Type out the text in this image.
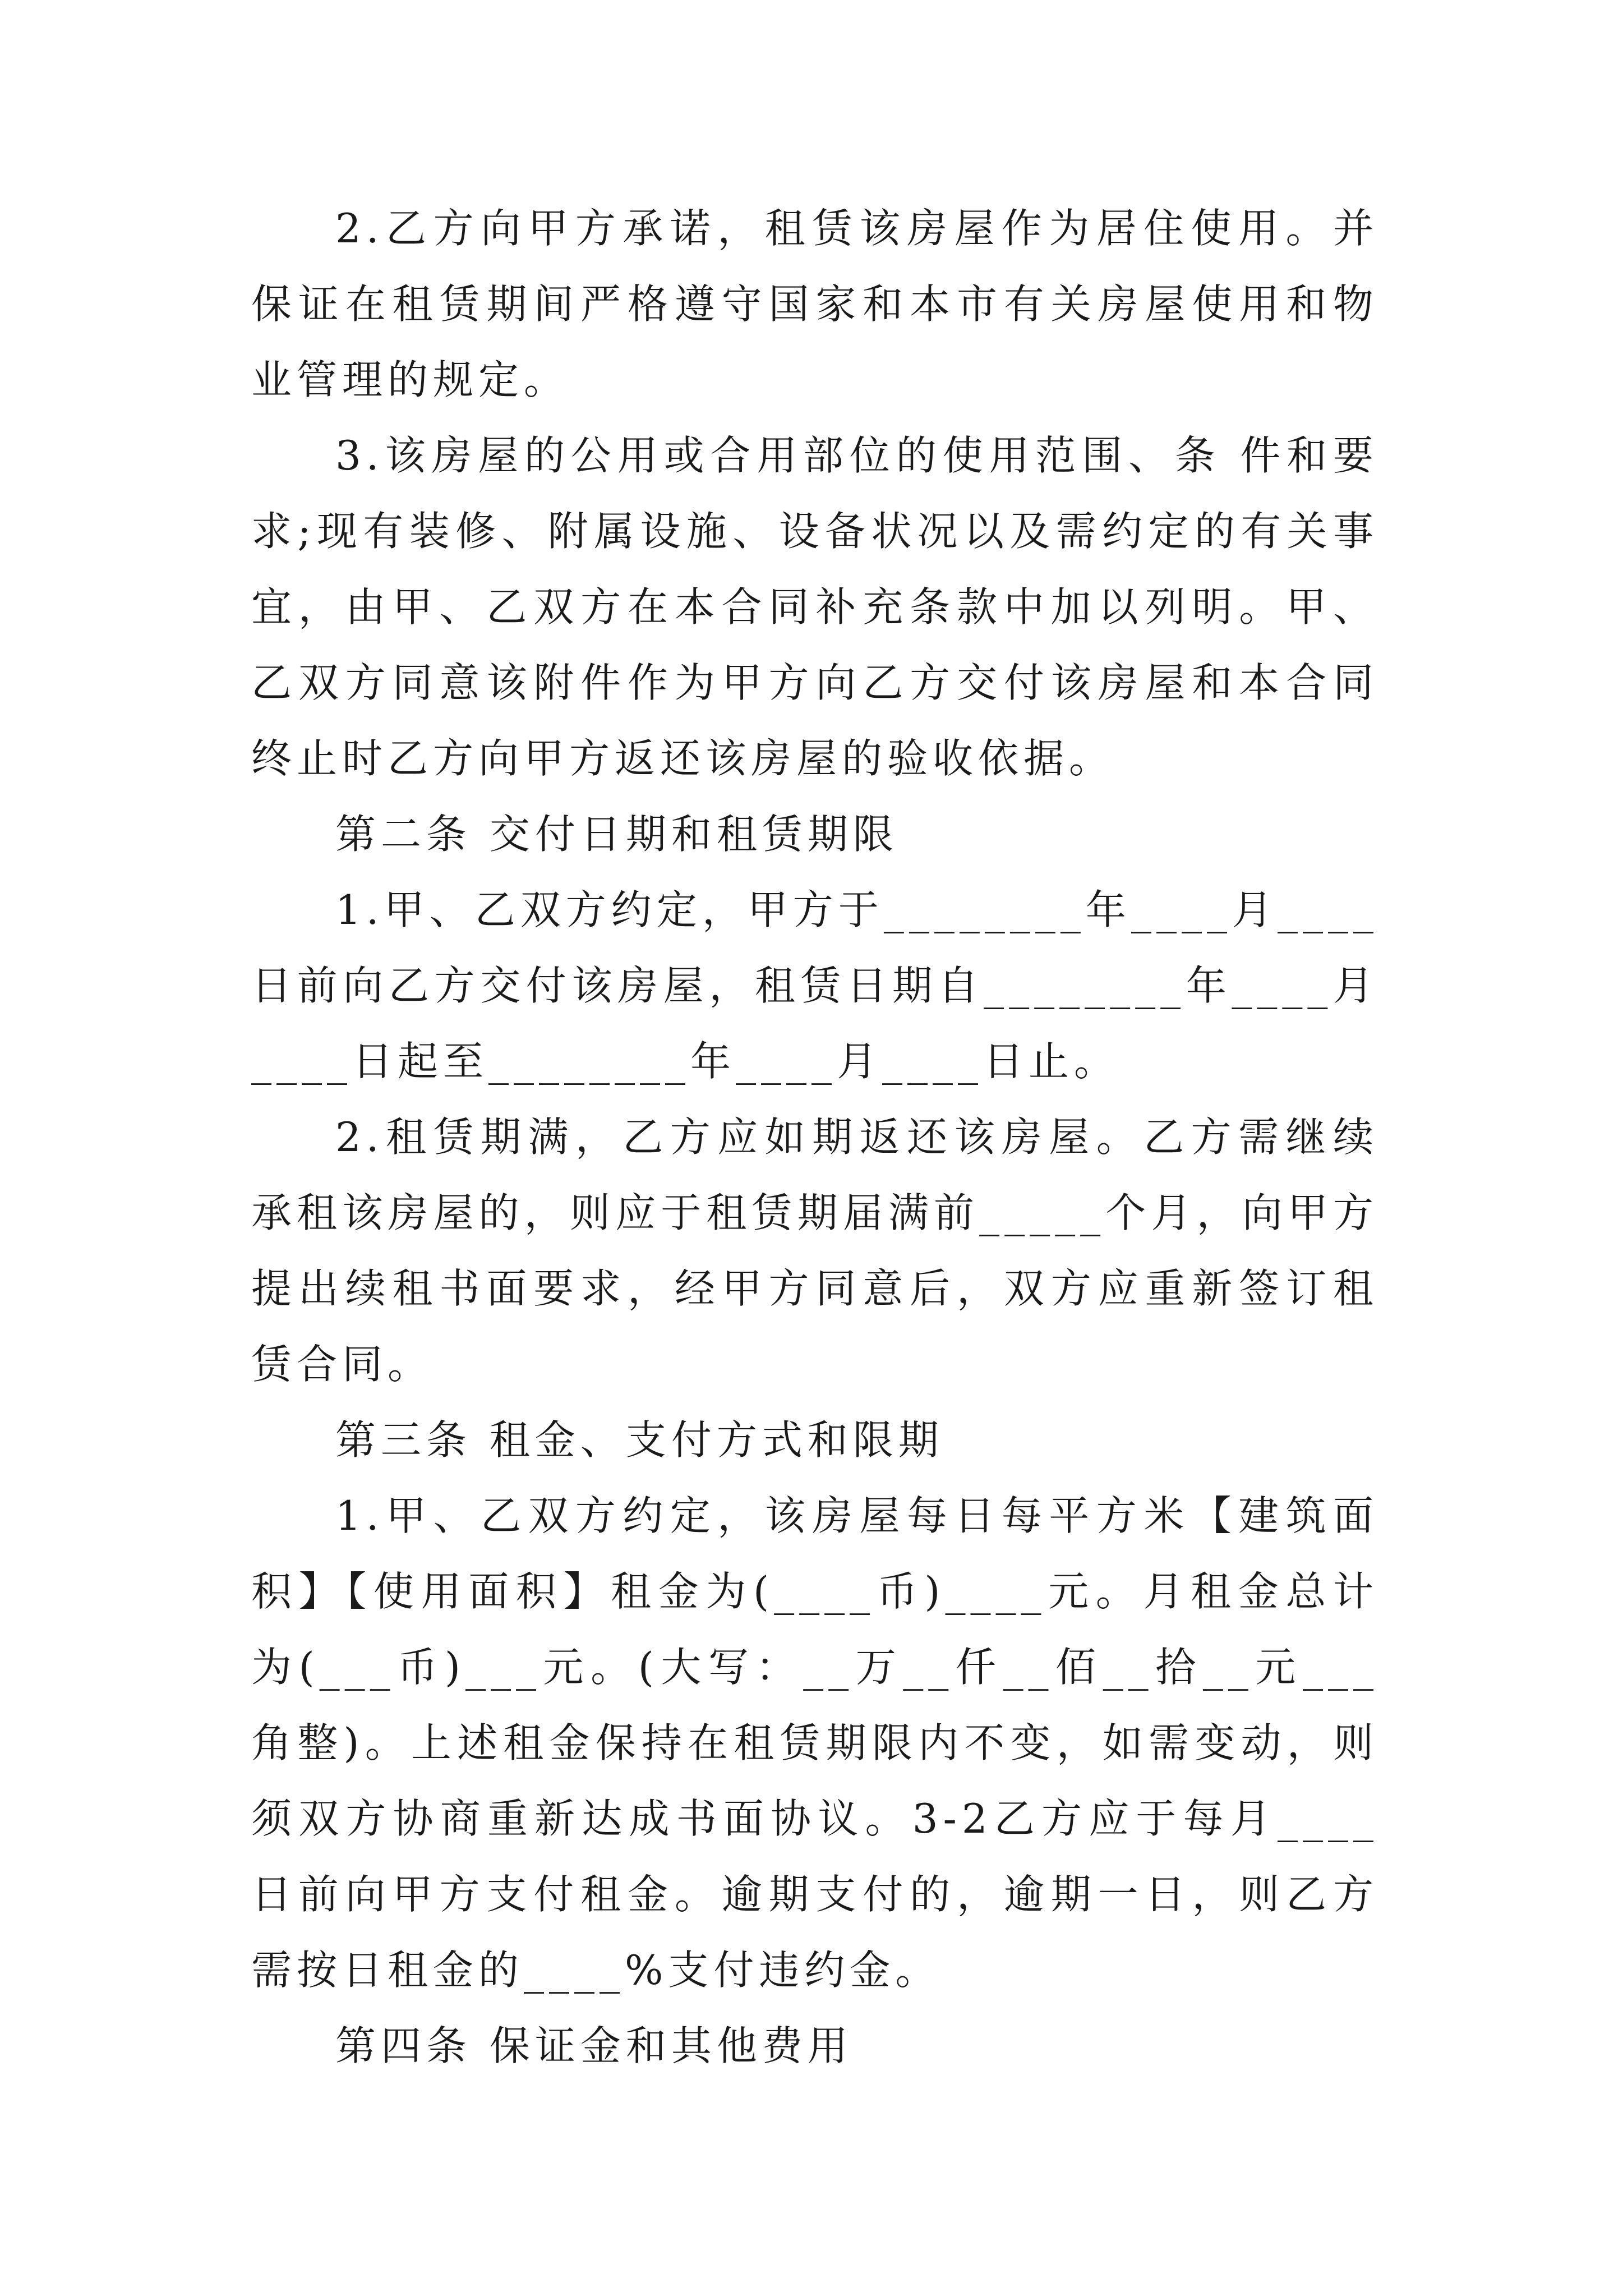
2.乙方向甲方承诺，租赁该房屋作为居住使用。并保证在租赁期间严格遵守国家和本市有关房屋使用和物业管理的规定。

3.该房屋的公用或合用部位的使用范围、条 件和要求;现有装修、附属设施、设备状况以及需约定的有关事宜，由甲、乙双方在本合同补充条款中加以列明。甲、乙双方同意该附件作为甲方向乙方交付该房屋和本合同终止时乙方向甲方返还该房屋的验收依据。

第二条 交付日期和租赁期限

1.甲、乙双方约定，甲方于________年____月____日前向乙方交付该房屋，租赁日期自________年____月____日起至________年____月____日止。

2.租赁期满，乙方应如期返还该房屋。乙方需继续承租该房屋的，则应于租赁期届满前_____个月，向甲方提出续租书面要求，经甲方同意后，双方应重新签订租赁合同。

第三条 租金、支付方式和限期

1.甲、乙双方约定，该房屋每日每平方米【建筑面积】【使用面积】租金为(____币)____元。月租金总计为(___币)___元。(大写：__万__仟__佰__拾__元___角整)。上述租金保持在租赁期限内不变，如需变动，则须双方协商重新达成书面协议。3-2乙方应于每月____日前向甲方支付租金。逾期支付的，逾期一日，则乙方需按日租金的____%支付违约金。

第四条 保证金和其他费用
